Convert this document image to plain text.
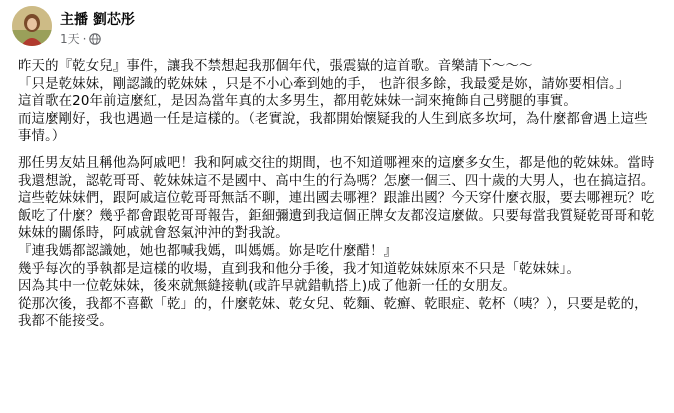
主播 劉芯彤
1天 ·

昨天的『乾女兒』事件，讓我不禁想起我那個年代，張震嶽的這首歌。音樂請下～～～

「只是乾妹妹，剛認識的乾妹妹 ，只是不小心牽到她的手， 也許很多餘，我最愛是妳，請妳要相信。」

這首歌在20年前這麼紅，是因為當年真的太多男生，都用乾妹妹一詞來掩飾自己劈腿的事實。

而這麼剛好，我也遇過一任是這樣的。（老實說，我都開始懷疑我的人生到底多坎坷，為什麼都會遇上這些事情。）

那任男友姑且稱他為阿戚吧！我和阿戚交往的期間，也不知道哪裡來的這麼多女生，都是他的乾妹妹。當時我還想說，認乾哥哥、乾妹妹這不是國中、高中生的行為嗎？怎麼一個三、四十歲的大男人，也在搞這招。

這些乾妹妹們，跟阿戚這位乾哥哥無話不聊，連出國去哪裡？跟誰出國？今天穿什麼衣服，要去哪裡玩？吃飯吃了什麼？幾乎都會跟乾哥哥報告，鉅細彌遺到我這個正牌女友都沒這麼做。只要每當我質疑乾哥哥和乾妹妹的關係時，阿戚就會怒氣沖沖的對我說。

『連我媽都認識她，她也都喊我媽，叫媽媽。妳是吃什麼醋！』

幾乎每次的爭執都是這樣的收場，直到我和他分手後，我才知道乾妹妹原來不只是「乾妹妹」。

因為其中一位乾妹妹，後來就無縫接軌(或許早就錯軌搭上)成了他新一任的女朋友。

從那次後，我都不喜歡「乾」的，什麼乾妹、乾女兒、乾麵、乾癬、乾眼症、乾杯（咦？），只要是乾的，我都不能接受。
